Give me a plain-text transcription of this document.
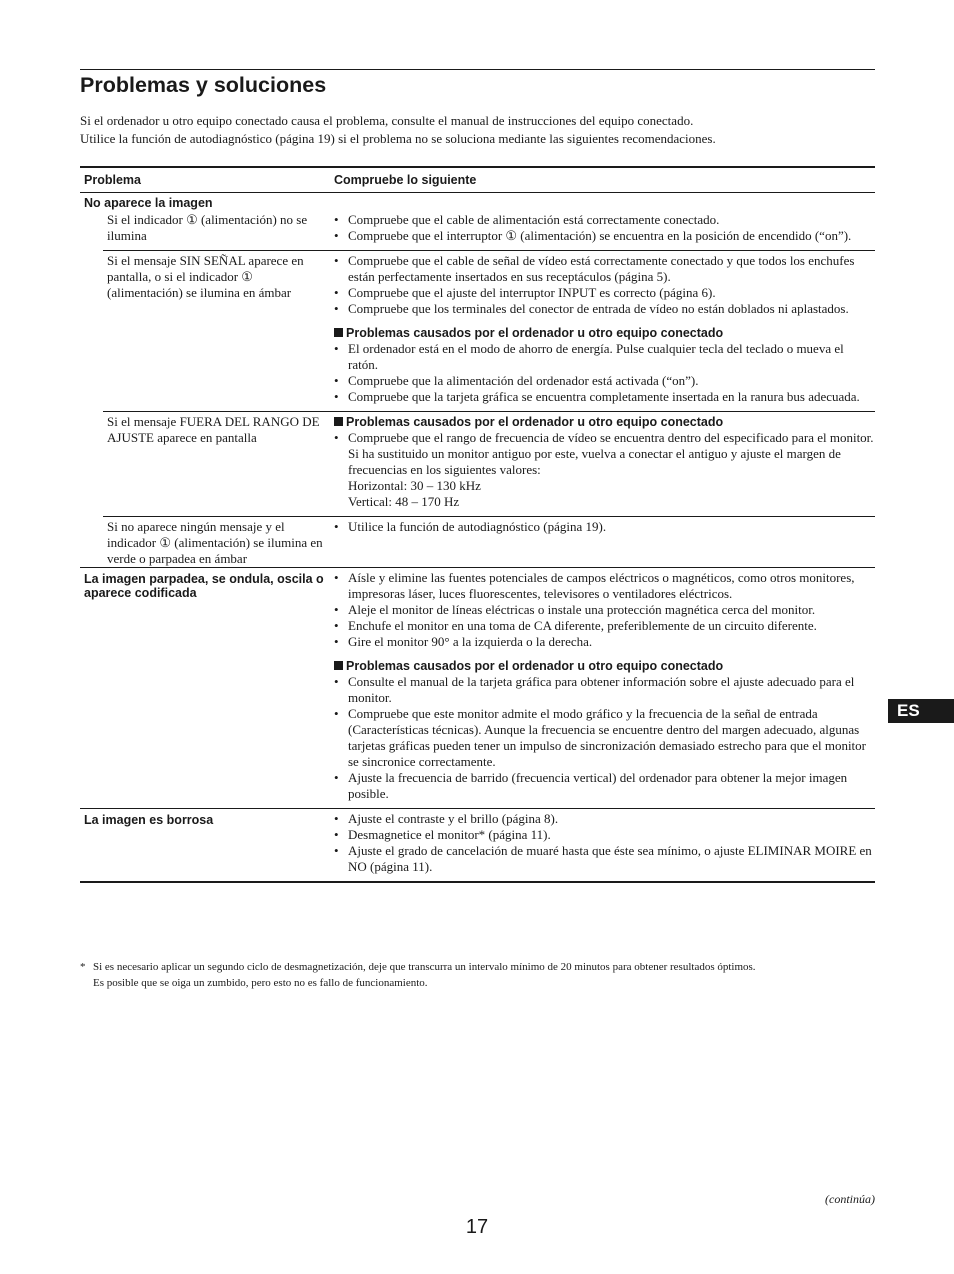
Problemas y soluciones

Si el ordenador u otro equipo conectado causa el problema, consulte el manual de instrucciones del equipo conectado.

Utilice la función de autodiagnóstico (página 19) si el problema no se soluciona mediante las siguientes recomendaciones.

Problema	Compruebe lo siguiente
No aparece la imagen
Si el indicador ① (alimentación) no se ilumina
• Compruebe que el cable de alimentación está correctamente conectado.
• Compruebe que el interruptor ① (alimentación) se encuentra en la posición de encendido (“on”).
Si el mensaje SIN SEÑAL aparece en pantalla, o si el indicador ① (alimentación) se ilumina en ámbar
• Compruebe que el cable de señal de vídeo está correctamente conectado y que todos los enchufes están perfectamente insertados en sus receptáculos (página 5).
• Compruebe que el ajuste del interruptor INPUT es correcto (página 6).
• Compruebe que los terminales del conector de entrada de vídeo no están doblados ni aplastados.
Problemas causados por el ordenador u otro equipo conectado
• El ordenador está en el modo de ahorro de energía. Pulse cualquier tecla del teclado o mueva el ratón.
• Compruebe que la alimentación del ordenador está activada (“on”).
• Compruebe que la tarjeta gráfica se encuentra completamente insertada en la ranura bus adecuada.
Si el mensaje FUERA DEL RANGO DE AJUSTE aparece en pantalla
Problemas causados por el ordenador u otro equipo conectado
• Compruebe que el rango de frecuencia de vídeo se encuentra dentro del especificado para el monitor. Si ha sustituido un monitor antiguo por este, vuelva a conectar el antiguo y ajuste el margen de frecuencias en los siguientes valores:
Horizontal: 30 – 130 kHz
Vertical: 48 – 170 Hz
Si no aparece ningún mensaje y el indicador ① (alimentación) se ilumina en verde o parpadea en ámbar
• Utilice la función de autodiagnóstico (página 19).
La imagen parpadea, se ondula, oscila o aparece codificada
• Aísle y elimine las fuentes potenciales de campos eléctricos o magnéticos, como otros monitores, impresoras láser, luces fluorescentes, televisores o ventiladores eléctricos.
• Aleje el monitor de líneas eléctricas o instale una protección magnética cerca del monitor.
• Enchufe el monitor en una toma de CA diferente, preferiblemente de un circuito diferente.
• Gire el monitor 90° a la izquierda o la derecha.
Problemas causados por el ordenador u otro equipo conectado
• Consulte el manual de la tarjeta gráfica para obtener información sobre el ajuste adecuado para el monitor.
• Compruebe que este monitor admite el modo gráfico y la frecuencia de la señal de entrada (Características técnicas). Aunque la frecuencia se encuentre dentro del margen adecuado, algunas tarjetas gráficas pueden tener un impulso de sincronización demasiado estrecho para que el monitor se sincronice correctamente.
• Ajuste la frecuencia de barrido (frecuencia vertical) del ordenador para obtener la mejor imagen posible.
La imagen es borrosa
•	Ajuste el contraste y el brillo (página 8).
• Desmagnetice el monitor* (página 11).
• Ajuste el grado de cancelación de muaré hasta que éste sea mínimo, o ajuste ELIMINAR MOIRE en NO (página 11).
* Si es necesario aplicar un segundo ciclo de desmagnetización, deje que transcurra un intervalo mínimo de 20 minutos para obtener resultados óptimos.

Es posible que se oiga un zumbido, pero esto no es fallo de funcionamiento.

ES
(continúa)
17
